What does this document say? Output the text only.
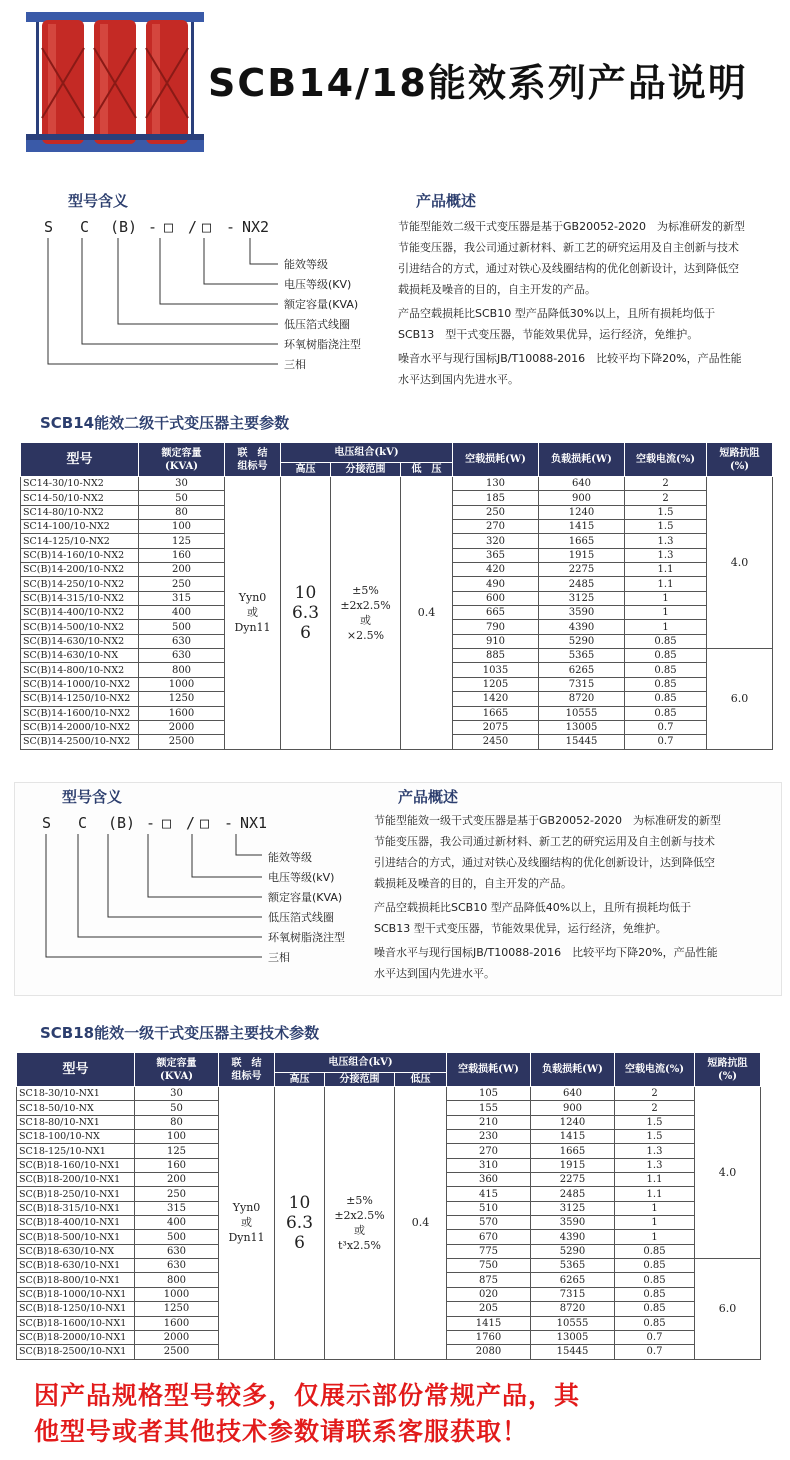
SCB14/18能效系列产品说明
型号含义
S C (B) - □ / □ - NX2
能效等级
电压等级(KV)
额定容量(KVA)
低压箔式线圈
环氧树脂浇注型
三相
产品概述

节能型能效二级干式变压器是基于GB20052-2020　为标准研发的新型节能变压器，我公司通过新材料、新工艺的研究运用及自主创新与技术引进结合的方式，通过对铁心及线圈结构的优化创新设计，达到降低空载损耗及噪音的目的，自主开发的产品。

产品空载损耗比SCB10 型产品降低30%以上，且所有损耗均低于SCB13　型干式变压器，节能效果优异，运行经济，免维护。

噪音水平与现行国标JB/T10088-2016　比较平均下降20%，产品性能水平达到国内先进水平。

SCB14能效二级干式变压器主要参数
型号	额定容量
(KVA)	联　结
组标号	电压组合(kV)			空载损耗(W)	负载损耗(W)	空载电流(%)	短路抗阻
(%)
			高压	分接范围	低　压				
SC14-30/10-NX2	30	Yyn0
或
Dyn11	10
6.3
6	±5%
±2x2.5%
或
×2.5%	0.4	130	640	2	4.0
SC14-50/10-NX2	50					185	900	2	
SC14-80/10-NX2	80					250	1240	1.5	
SC14-100/10-NX2	100					270	1415	1.5	
SC14-125/10-NX2	125					320	1665	1.3	
SC(B)14-160/10-NX2	160					365	1915	1.3	
SC(B)14-200/10-NX2	200					420	2275	1.1	
SC(B)14-250/10-NX2	250					490	2485	1.1	
SC(B)14-315/10-NX2	315					600	3125	1	
SC(B)14-400/10-NX2	400					665	3590	1	
SC(B)14-500/10-NX2	500					790	4390	1	
SC(B)14-630/10-NX2	630					910	5290	0.85	
SC(B)14-630/10-NX	630					885	5365	0.85	6.0
SC(B)14-800/10-NX2	800					1035	6265	0.85	
SC(B)14-1000/10-NX2	1000					1205	7315	0.85	
SC(B)14-1250/10-NX2	1250					1420	8720	0.85	
SC(B)14-1600/10-NX2	1600					1665	10555	0.85	
SC(B)14-2000/10-NX2	2000					2075	13005	0.7	
SC(B)14-2500/10-NX2	2500					2450	15445	0.7	
型号含义
S C (B) - □ / □ - NX1
能效等级
电压等级(kV)
额定容量(KVA)
低压箔式线圈
环氧树脂浇注型
三相
产品概述

节能型能效一级干式变压器是基于GB20052-2020　为标准研发的新型节能变压器，我公司通过新材料、新工艺的研究运用及自主创新与技术引进结合的方式，通过对铁心及线圈结构的优化创新设计，达到降低空载损耗及噪音的目的，自主开发的产品。

产品空载损耗比SCB10 型产品降低40%以上，且所有损耗均低于SCB13 型干式变压器，节能效果优异，运行经济，免维护。

噪音水平与现行国标JB/T10088-2016　比较平均下降20%，产品性能水平达到国内先进水平。

SCB18能效一级干式变压器主要技术参数
型号	额定容量
(KVA)	联　结
组标号	电压组合(kV)			空载损耗(W)	负载损耗(W)	空载电流(%)	短路抗阻
(%)
			高压	分接范围	低压				
SC18-30/10-NX1	30	Yyn0
或
Dyn11	10
6.3
6	±5%
±2x2.5%
或
t³x2.5%	0.4	105	640	2	4.0
SC18-50/10-NX	50					155	900	2	
SC18-80/10-NX1	80					210	1240	1.5	
SC18-100/10-NX	100					230	1415	1.5	
SC18-125/10-NX1	125					270	1665	1.3	
SC(B)18-160/10-NX1	160					310	1915	1.3	
SC(B)18-200/10-NX1	200					360	2275	1.1	
SC(B)18-250/10-NX1	250					415	2485	1.1	
SC(B)18-315/10-NX1	315					510	3125	1	
SC(B)18-400/10-NX1	400					570	3590	1	
SC(B)18-500/10-NX1	500					670	4390	1	
SC(B)18-630/10-NX	630					775	5290	0.85	
SC(B)18-630/10-NX1	630					750	5365	0.85	6.0
SC(B)18-800/10-NX1	800					875	6265	0.85	
SC(B)18-1000/10-NX1	1000					020	7315	0.85	
SC(B)18-1250/10-NX1	1250					205	8720	0.85	
SC(B)18-1600/10-NX1	1600					1415	10555	0.85	
SC(B)18-2000/10-NX1	2000					1760	13005	0.7	
SC(B)18-2500/10-NX1	2500					2080	15445	0.7	
因产品规格型号较多，仅展示部份常规产品，其
他型号或者其他技术参数请联系客服获取！
